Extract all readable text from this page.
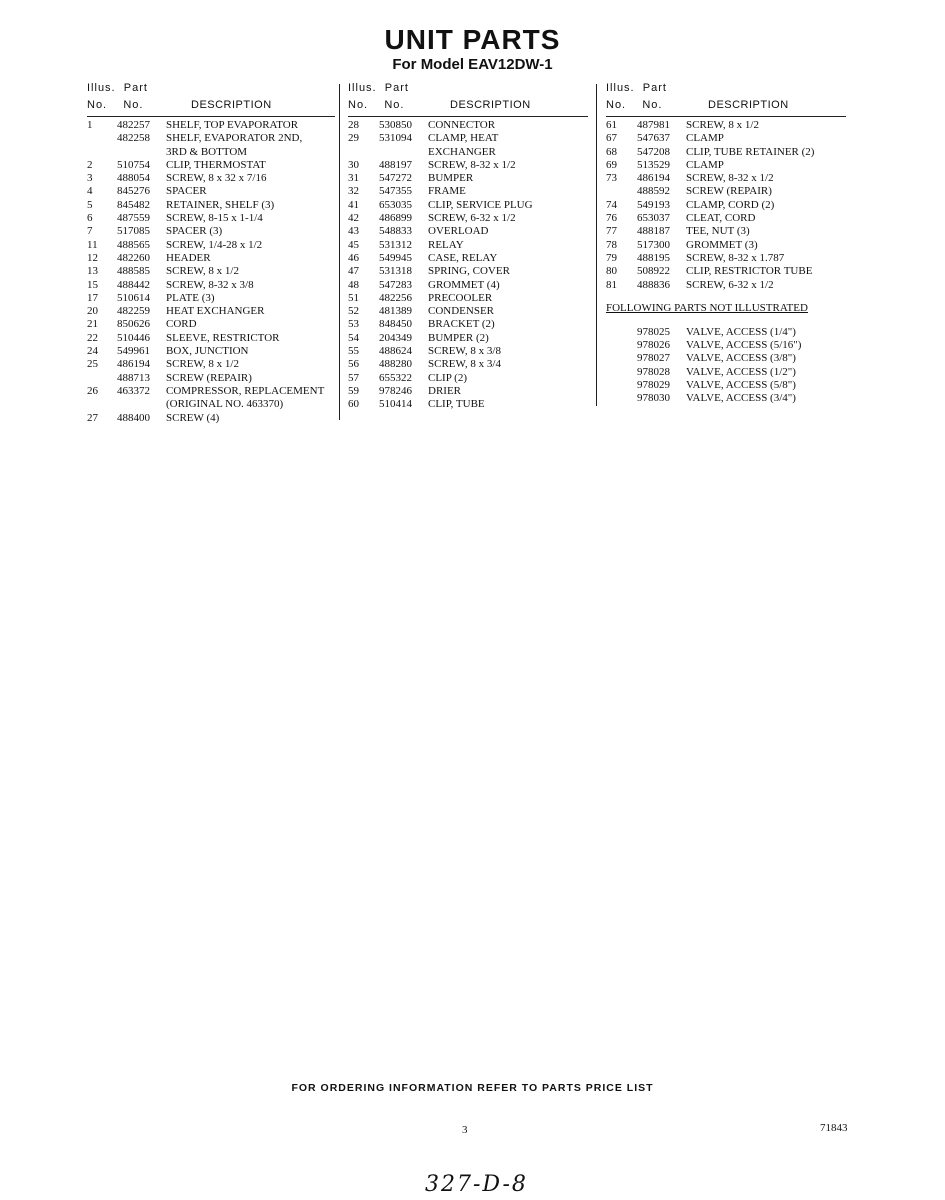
UNIT PARTS
For Model EAV12DW-1
Illus. Part
No. No.	DESCRIPTION
1	482257 SHELF, TOP EVAPORATOR
482258 SHELF, EVAPORATOR 2ND,
3RD & BOTTOM
2	510754 CLIP, THERMOSTAT
3	488054 SCREW, 8 x 32 x 7/16
4	845276 SPACER
5	845482 RETAINER, SHELF (3)
6	487559 SCREW, 8-15 x 1-1/4
7	517085 SPACER (3)
11	488565 SCREW, 1/4-28 x 1/2
12	482260 HEADER
13	488585 SCREW, 8 x 1/2
15	488442 SCREW, 8-32 x 3/8
17	510614 PLATE (3)
20	482259 HEAT EXCHANGER
21	850626 CORD
22	510446 SLEEVE, RESTRICTOR
24	549961 BOX, JUNCTION
25	486194 SCREW, 8 x 1/2
488713 SCREW (REPAIR)
26	463372 COMPRESSOR, REPLACEMENT
(ORIGINAL NO. 463370)
27	488400 SCREW (4)
Illus. Part
No. No.	DESCRIPTION
28	530850 CONNECTOR
29	531094 CLAMP, HEAT
EXCHANGER
30	488197 SCREW, 8-32 x 1/2
31	547272 BUMPER
32	547355 FRAME
41	653035 CLIP, SERVICE PLUG
42	486899 SCREW, 6-32 x 1/2
43	548833 OVERLOAD
45	531312 RELAY
46	549945 CASE, RELAY
47	531318 SPRING, COVER
48	547283 GROMMET (4)
51	482256 PRECOOLER
52	481389 CONDENSER
53	848450 BRACKET (2)
54	204349 BUMPER (2)
55	488624 SCREW, 8 x 3/8
56	488280 SCREW, 8 x 3/4
57	655322 CLIP (2)
59	978246 DRIER
60	510414 CLIP, TUBE
Illus. Part
No. No.	DESCRIPTION
61	487981 SCREW, 8 x 1/2
67	547637 CLAMP
68	547208 CLIP, TUBE RETAINER (2)
69	513529 CLAMP
73	486194 SCREW, 8-32 x 1/2
488592 SCREW (REPAIR)
74	549193 CLAMP, CORD (2)
76	653037 CLEAT, CORD
77	488187 TEE, NUT (3)
78	517300 GROMMET (3)
79	488195 SCREW, 8-32 x 1.787
80	508922 CLIP, RESTRICTOR TUBE
81	488836 SCREW, 6-32 x 1/2
FOLLOWING PARTS NOT ILLUSTRATED
978025 VALVE, ACCESS (1/4")
978026 VALVE, ACCESS (5/16")
978027 VALVE, ACCESS (3/8")
978028 VALVE, ACCESS (1/2")
978029 VALVE, ACCESS (5/8")
978030 VALVE, ACCESS (3/4")
FOR ORDERING INFORMATION REFER TO PARTS PRICE LIST
3	71843
327-D-8
